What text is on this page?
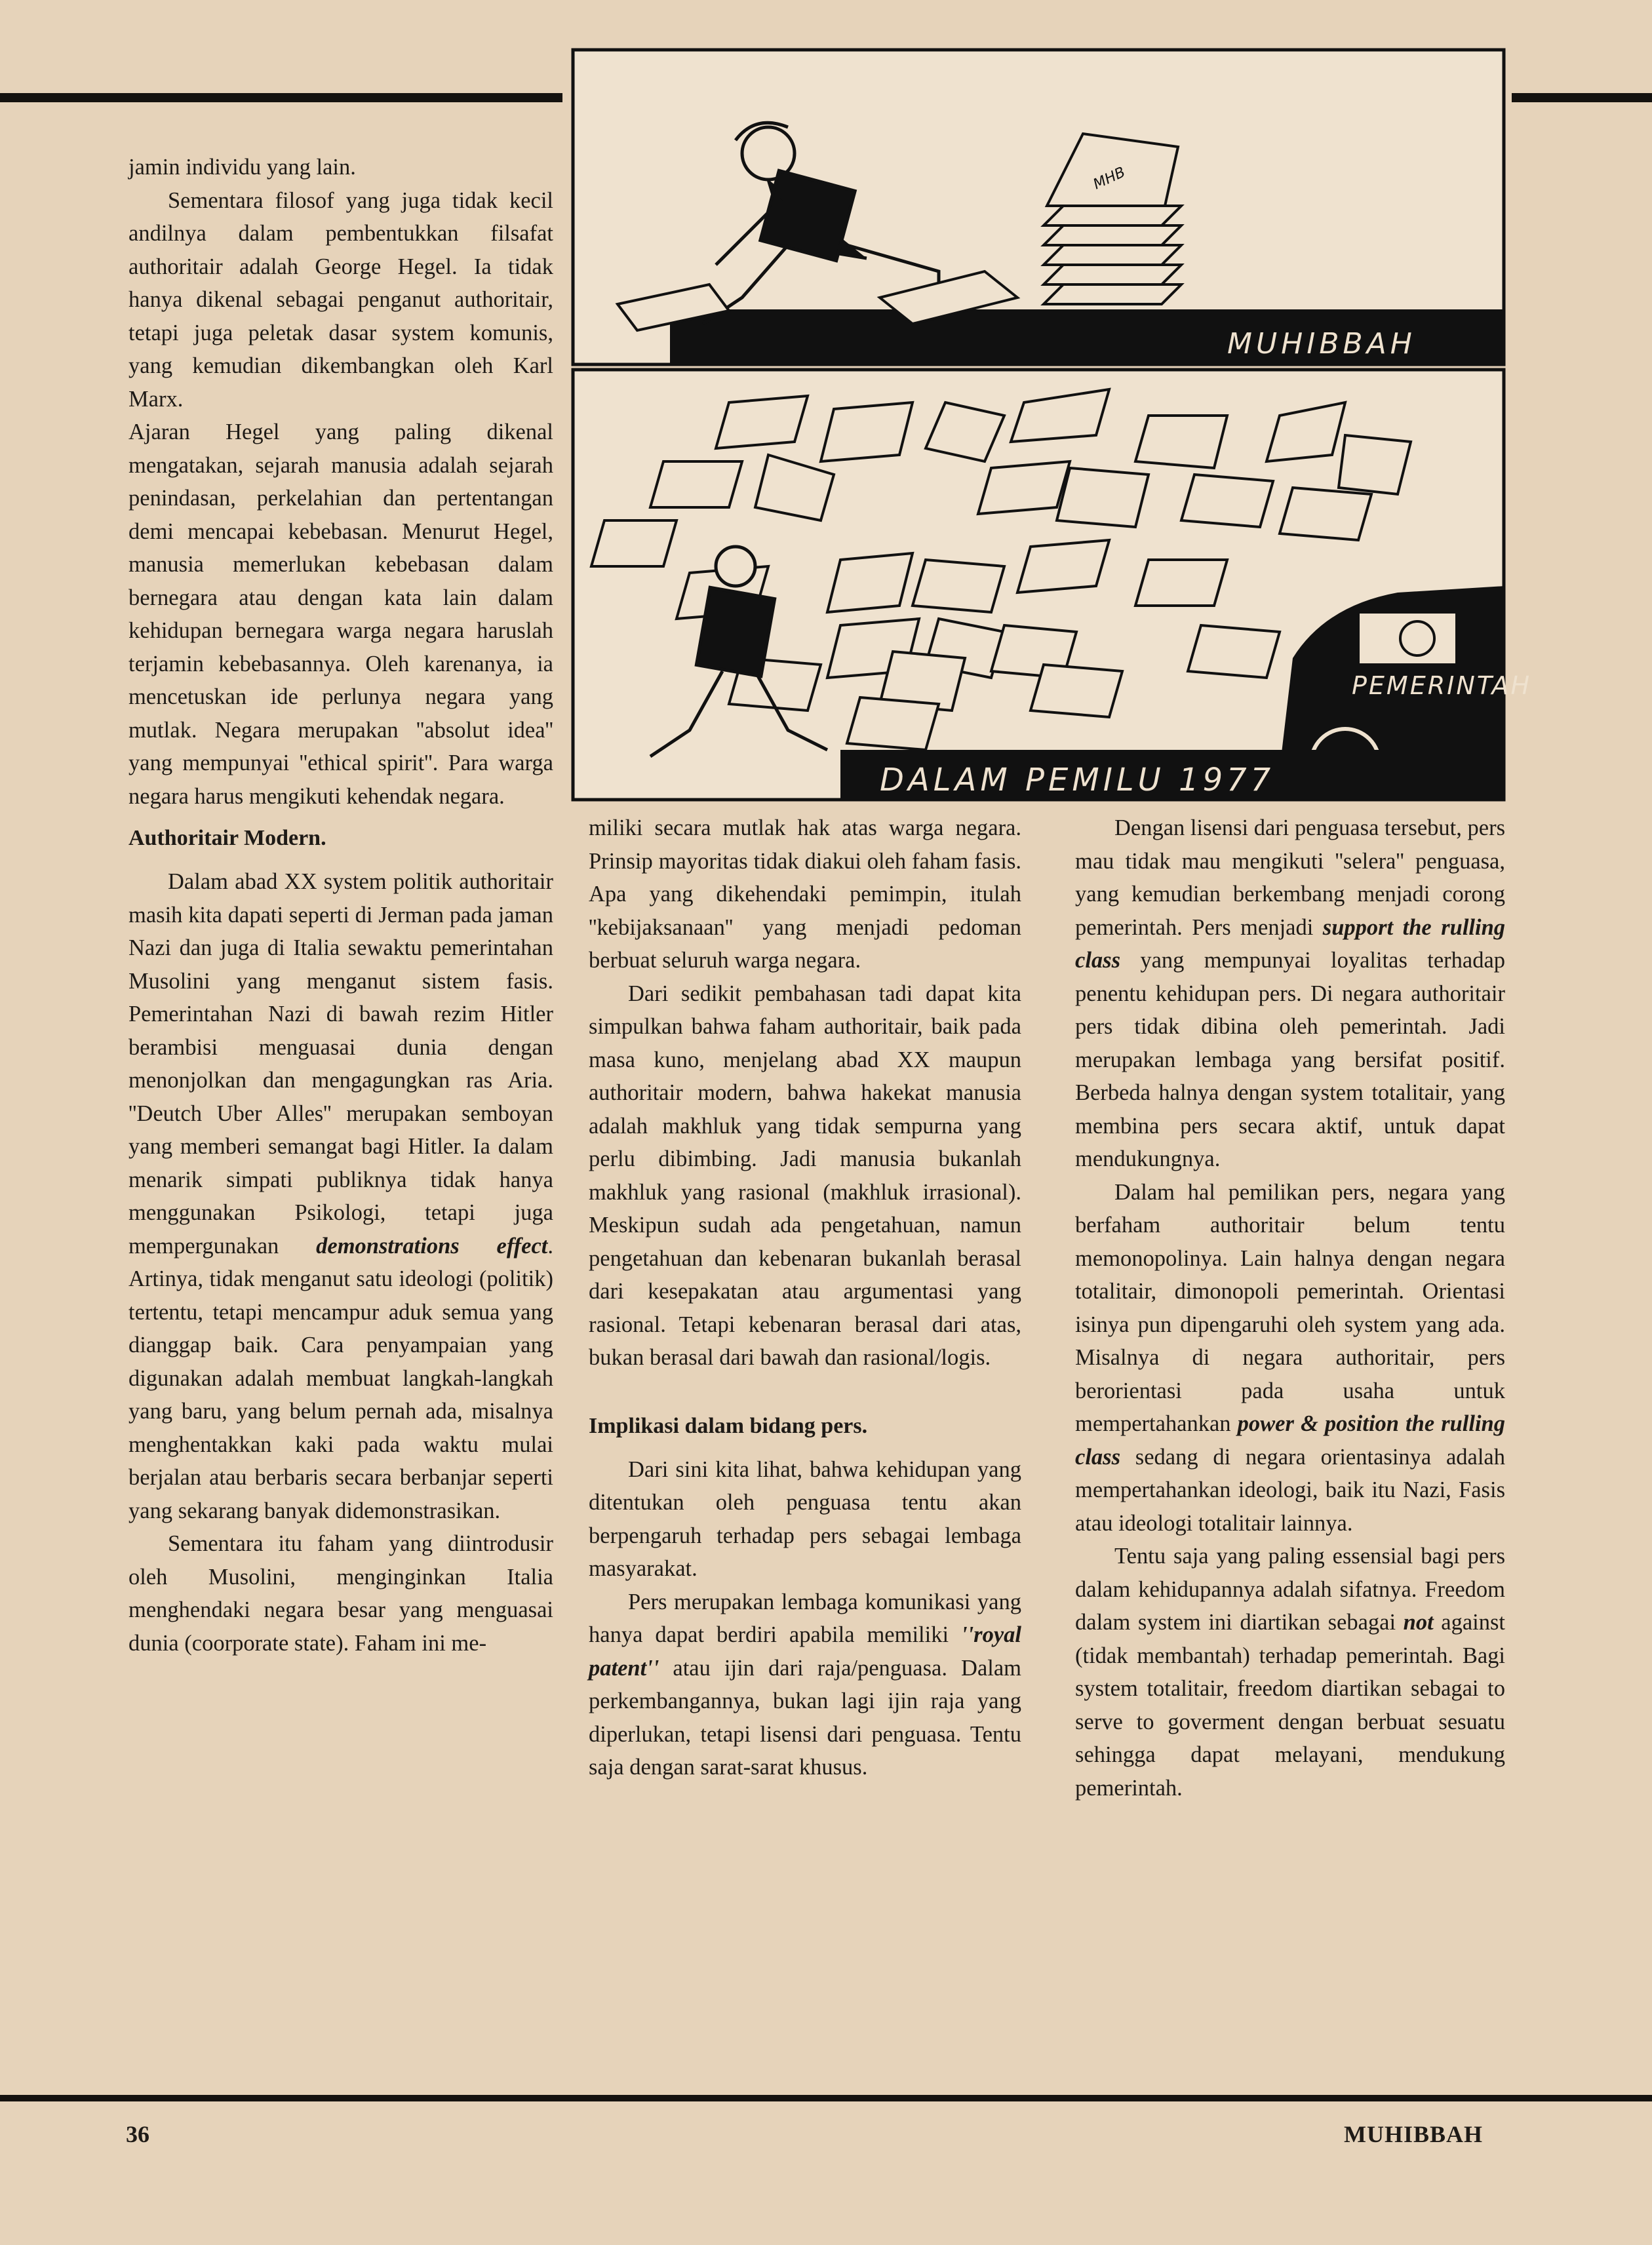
MUHIBBAH
MHB
PEMERINTAH
DALAM PEMILU 1977

jamin individu yang lain.

Sementara filosof yang juga tidak kecil andilnya dalam pembentukkan filsafat authoritair adalah George Hegel. Ia tidak hanya dikenal sebagai penganut authoritair, tetapi juga peletak dasar system komunis, yang kemudian dikembangkan oleh Karl Marx.

Ajaran Hegel yang paling dikenal mengatakan, sejarah manusia adalah sejarah penindasan, perkelahian dan pertentangan demi mencapai kebebasan. Menurut Hegel, manusia memerlukan kebebasan dalam bernegara atau dengan kata lain dalam kehidupan bernegara warga negara haruslah terjamin kebebasannya. Oleh karenanya, ia mencetuskan ide perlunya negara yang mutlak. Negara merupakan ''absolut idea'' yang mempunyai ''ethical spirit''. Para warga negara harus mengikuti kehendak negara.

Authoritair Modern.

Dalam abad XX system politik authoritair masih kita dapati seperti di Jerman pada jaman Nazi dan juga di Italia sewaktu pemerintahan Musolini yang menganut sistem fasis. Pemerintahan Nazi di bawah rezim Hitler berambisi menguasai dunia dengan menonjolkan dan mengagungkan ras Aria. ''Deutch Uber Alles'' merupakan semboyan yang memberi semangat bagi Hitler. Ia dalam menarik simpati publiknya tidak hanya menggunakan Psikologi, tetapi juga mempergunakan demonstrations effect. Artinya, tidak menganut satu ideologi (politik) tertentu, tetapi mencampur aduk semua yang dianggap baik. Cara penyampaian yang digunakan adalah membuat langkah-langkah yang baru, yang belum pernah ada, misalnya menghentakkan kaki pada waktu mulai berjalan atau berbaris secara berbanjar seperti yang sekarang banyak didemonstrasikan.

Sementara itu faham yang diintrodusir oleh Musolini, menginginkan Italia menghendaki negara besar yang menguasai dunia (coorporate state). Faham ini me-

miliki secara mutlak hak atas warga negara. Prinsip mayoritas tidak diakui oleh faham fasis. Apa yang dikehendaki pemimpin, itulah ''kebijaksanaan'' yang menjadi pedoman berbuat seluruh warga negara.

Dari sedikit pembahasan tadi dapat kita simpulkan bahwa faham authoritair, baik pada masa kuno, menjelang abad XX maupun authoritair modern, bahwa hakekat manusia adalah makhluk yang tidak sempurna yang perlu dibimbing. Jadi manusia bukanlah makhluk yang rasional (makhluk irrasional). Meskipun sudah ada pengetahuan, namun pengetahuan dan kebenaran bukanlah berasal dari kesepakatan atau argumentasi yang rasional. Tetapi kebenaran berasal dari atas, bukan berasal dari bawah dan rasional/logis.

Implikasi dalam bidang pers.

Dari sini kita lihat, bahwa kehidupan yang ditentukan oleh penguasa tentu akan berpengaruh terhadap pers sebagai lembaga masyarakat.

Pers merupakan lembaga komunikasi yang hanya dapat berdiri apabila memiliki ''royal patent'' atau ijin dari raja/penguasa. Dalam perkembangannya, bukan lagi ijin raja yang diperlukan, tetapi lisensi dari penguasa. Tentu saja dengan sarat-sarat khusus.

Dengan lisensi dari penguasa tersebut, pers mau tidak mau mengikuti ''selera'' penguasa, yang kemudian berkembang menjadi corong pemerintah. Pers menjadi support the rulling class yang mempunyai loyalitas terhadap penentu kehidupan pers. Di negara authoritair pers tidak dibina oleh pemerintah. Jadi merupakan lembaga yang bersifat positif. Berbeda halnya dengan system totalitair, yang membina pers secara aktif, untuk dapat mendukungnya.

Dalam hal pemilikan pers, negara yang berfaham authoritair belum tentu memonopolinya. Lain halnya dengan negara totalitair, dimonopoli pemerintah. Orientasi isinya pun dipengaruhi oleh system yang ada. Misalnya di negara authoritair, pers berorientasi pada usaha untuk mempertahankan power & position the rulling class sedang di negara orientasinya adalah mempertahankan ideologi, baik itu Nazi, Fasis atau ideologi totalitair lainnya.

Tentu saja yang paling essensial bagi pers dalam kehidupannya adalah sifatnya. Freedom dalam system ini diartikan sebagai not against (tidak membantah) terhadap pemerintah. Bagi system totalitair, freedom diartikan sebagai to serve to goverment dengan berbuat sesuatu sehingga dapat melayani, mendukung pemerintah.

36	MUHIBBAH
